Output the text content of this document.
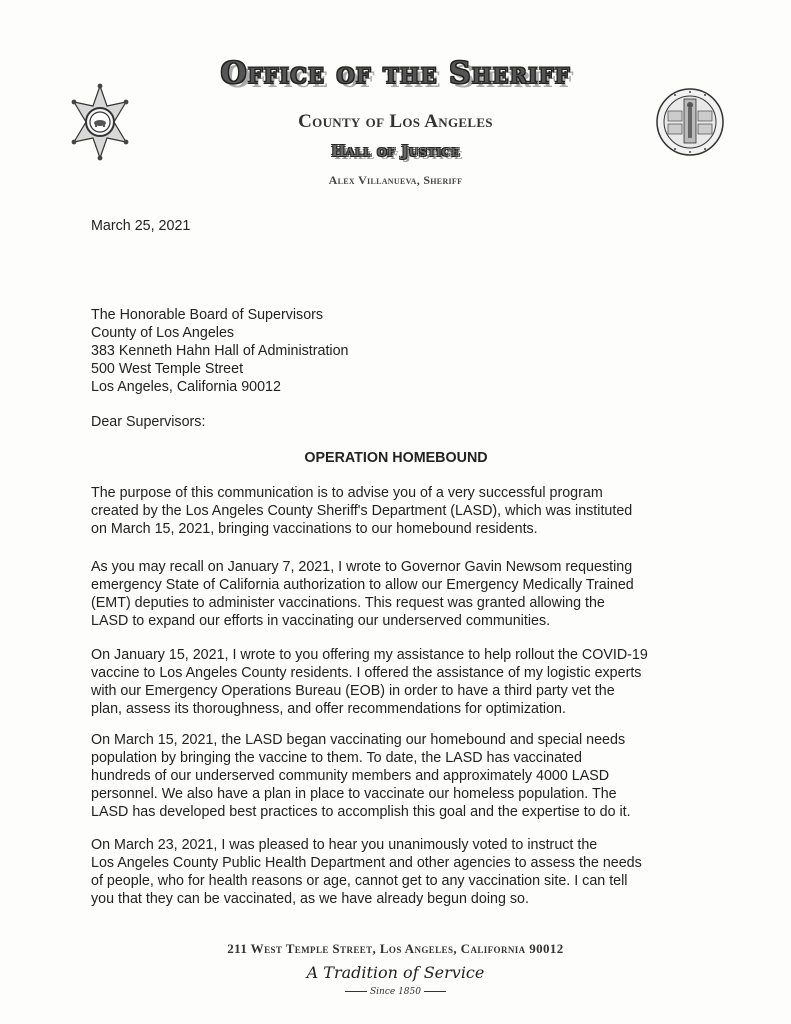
Office of the Sheriff
County of Los Angeles
Hall of Justice
Alex Villanueva, Sheriff
March 25, 2021
The Honorable Board of Supervisors
County of Los Angeles
383 Kenneth Hahn Hall of Administration
500 West Temple Street
Los Angeles, California 90012
Dear Supervisors:
OPERATION HOMEBOUND
The purpose of this communication is to advise you of a very successful program
created by the Los Angeles County Sheriff's Department (LASD), which was instituted
on March 15, 2021, bringing vaccinations to our homebound residents.
As you may recall on January 7, 2021, I wrote to Governor Gavin Newsom requesting
emergency State of California authorization to allow our Emergency Medically Trained
(EMT) deputies to administer vaccinations. This request was granted allowing the
LASD to expand our efforts in vaccinating our underserved communities.
On January 15, 2021, I wrote to you offering my assistance to help rollout the COVID-19
vaccine to Los Angeles County residents. I offered the assistance of my logistic experts
with our Emergency Operations Bureau (EOB) in order to have a third party vet the
plan, assess its thoroughness, and offer recommendations for optimization.
On March 15, 2021, the LASD began vaccinating our homebound and special needs
population by bringing the vaccine to them. To date, the LASD has vaccinated
hundreds of our underserved community members and approximately 4000 LASD
personnel. We also have a plan in place to vaccinate our homeless population. The
LASD has developed best practices to accomplish this goal and the expertise to do it.
On March 23, 2021, I was pleased to hear you unanimously voted to instruct the
Los Angeles County Public Health Department and other agencies to assess the needs
of people, who for health reasons or age, cannot get to any vaccination site. I can tell
you that they can be vaccinated, as we have already begun doing so.
211 West Temple Street, Los Angeles, California 90012
A Tradition of Service
Since 1850
